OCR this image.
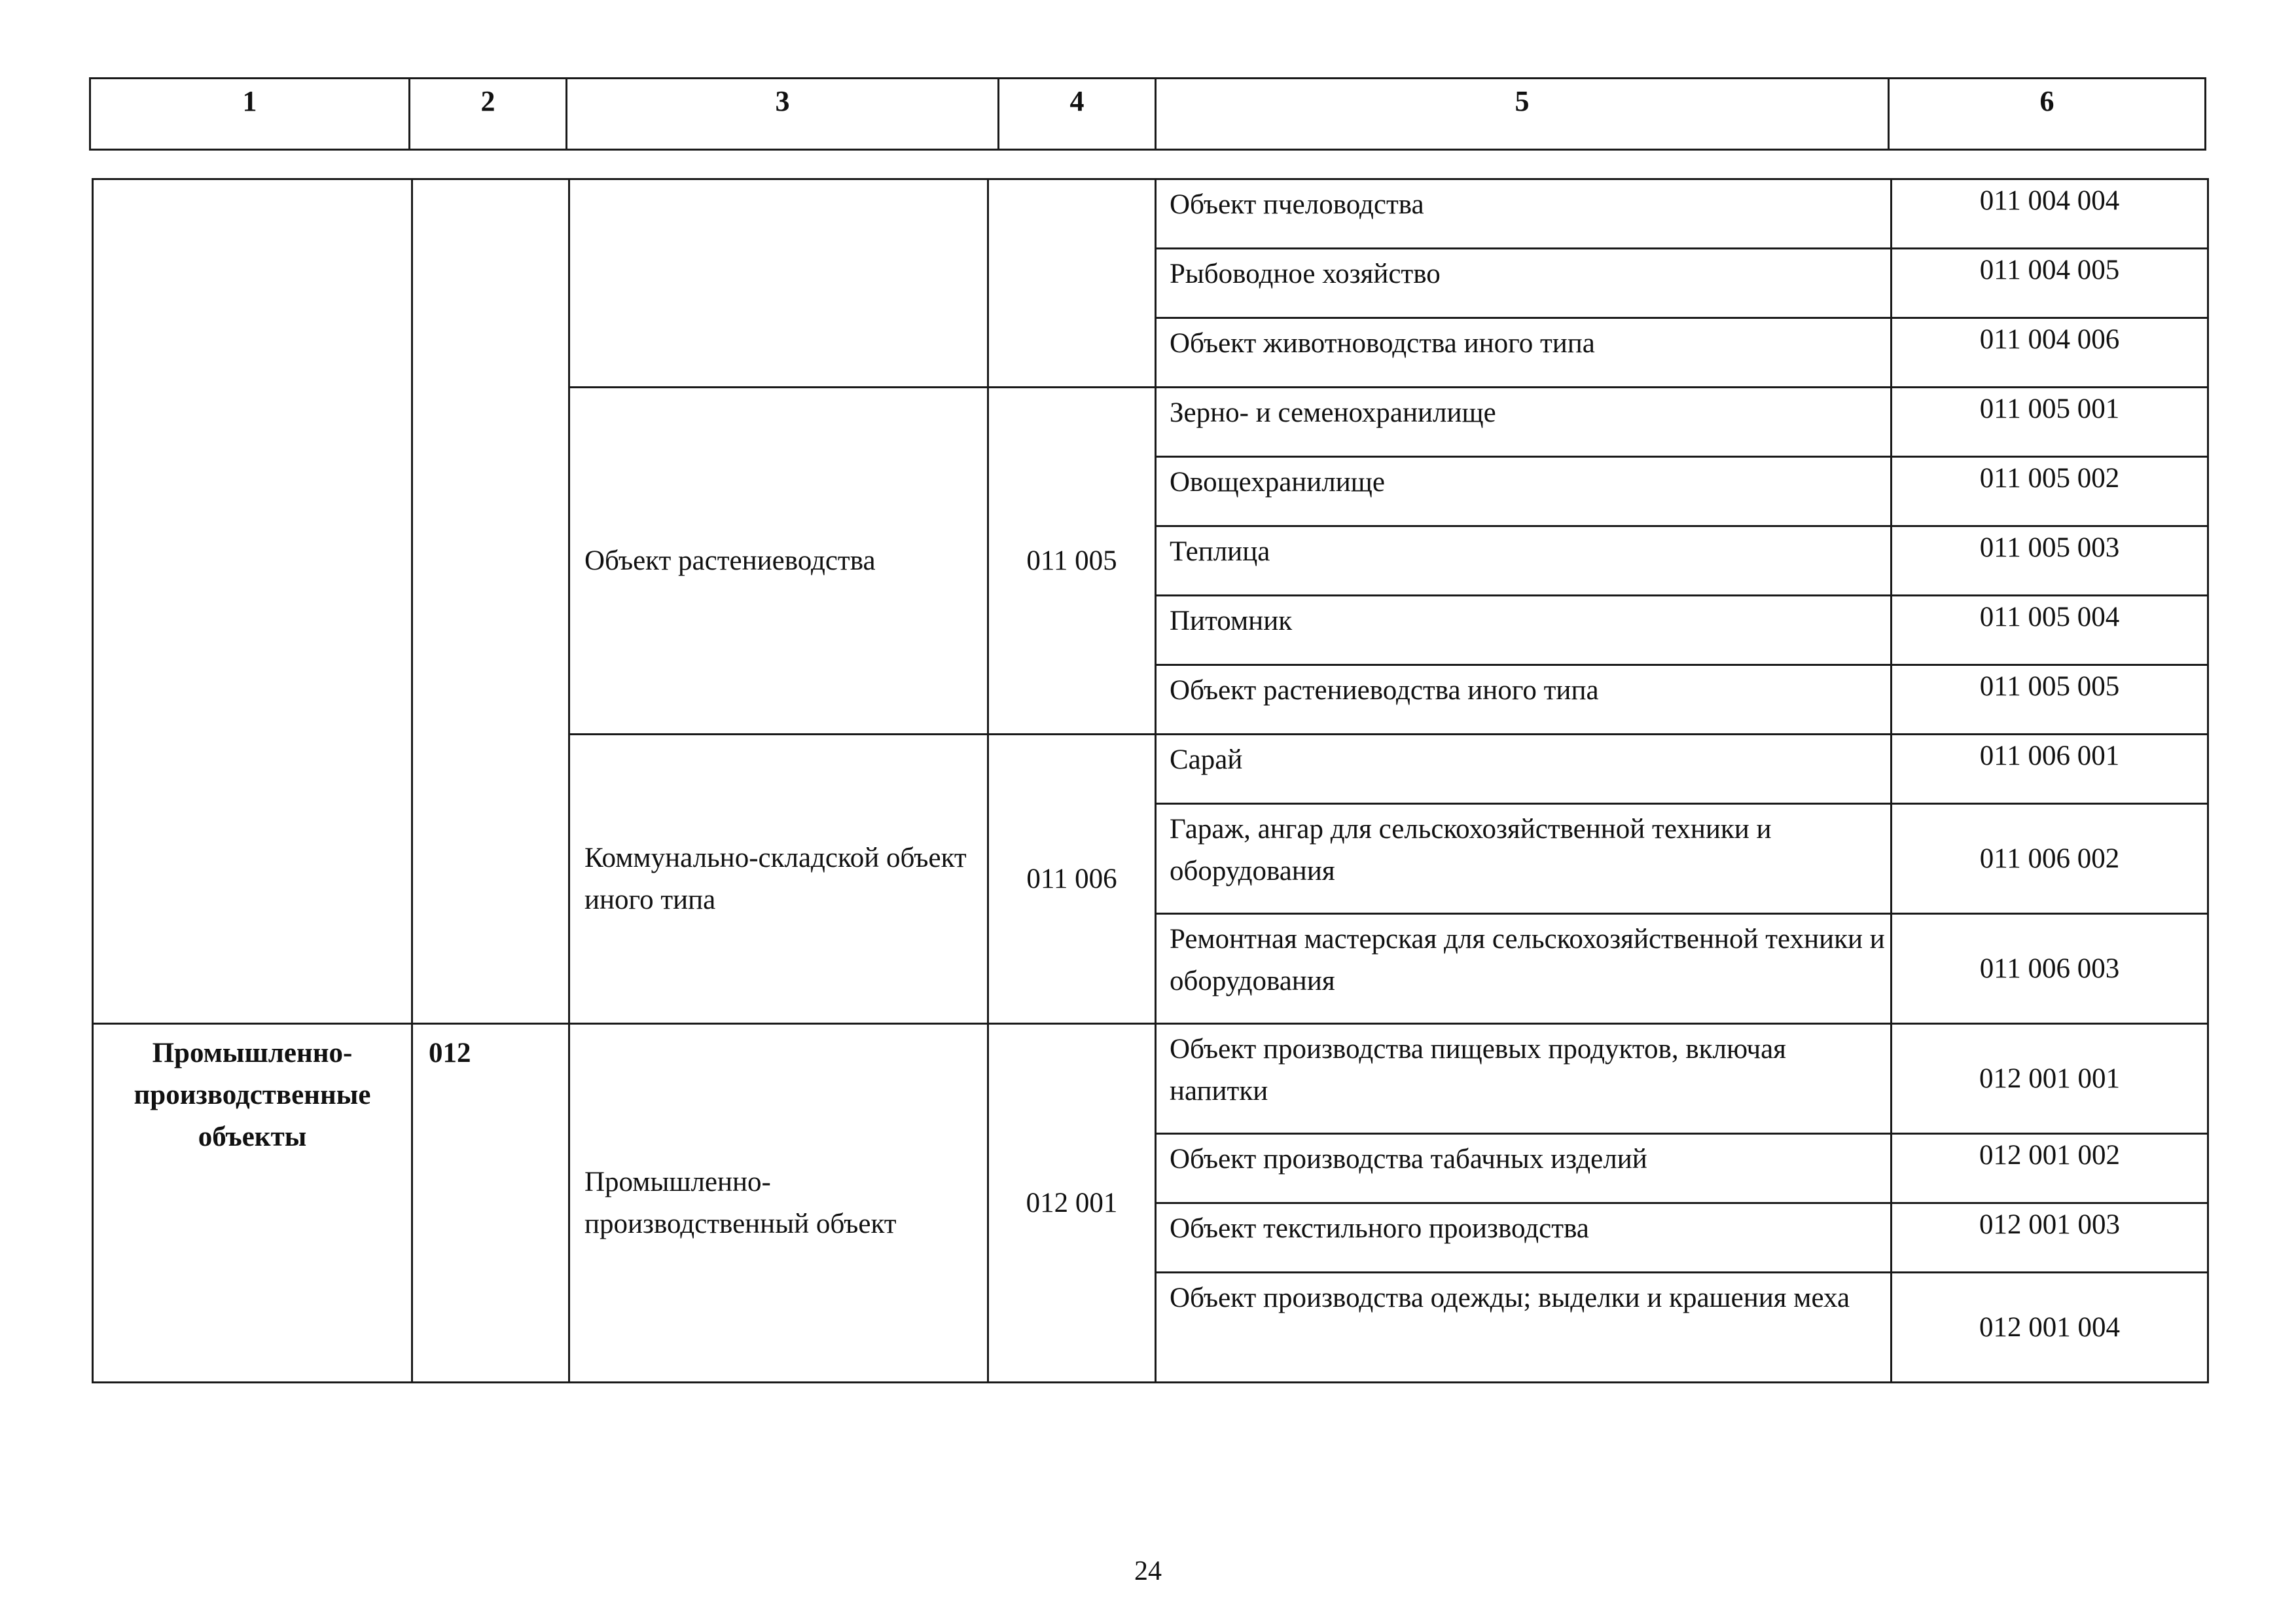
1	2	3	4	5	6
				Объект пчеловодства	011 004 004
				Рыбоводное хозяйство	011 004 005
				Объект животноводства иного типа	011 004 006
		Объект растениеводства	011 005	Зерно- и семенохранилище	011 005 001
				Овощехранилище	011 005 002
				Теплица	011 005 003
				Питомник	011 005 004
				Объект растениеводства иного типа	011 005 005
		Коммунально-складской объект иного типа	011 006	Сарай	011 006 001
				Гараж, ангар для сельскохозяйственной техники и оборудования	011 006 002
				Ремонтная мастерская для сельскохозяйственной техники и оборудования	011 006 003
Промышленно-производственные объекты	012	Промышленно-производственный объект	012 001	Объект производства пищевых продуктов, включая напитки	012 001 001
				Объект производства табачных изделий	012 001 002
				Объект текстильного производства	012 001 003
				Объект производства одежды; выделки и крашения меха	012 001 004
24
